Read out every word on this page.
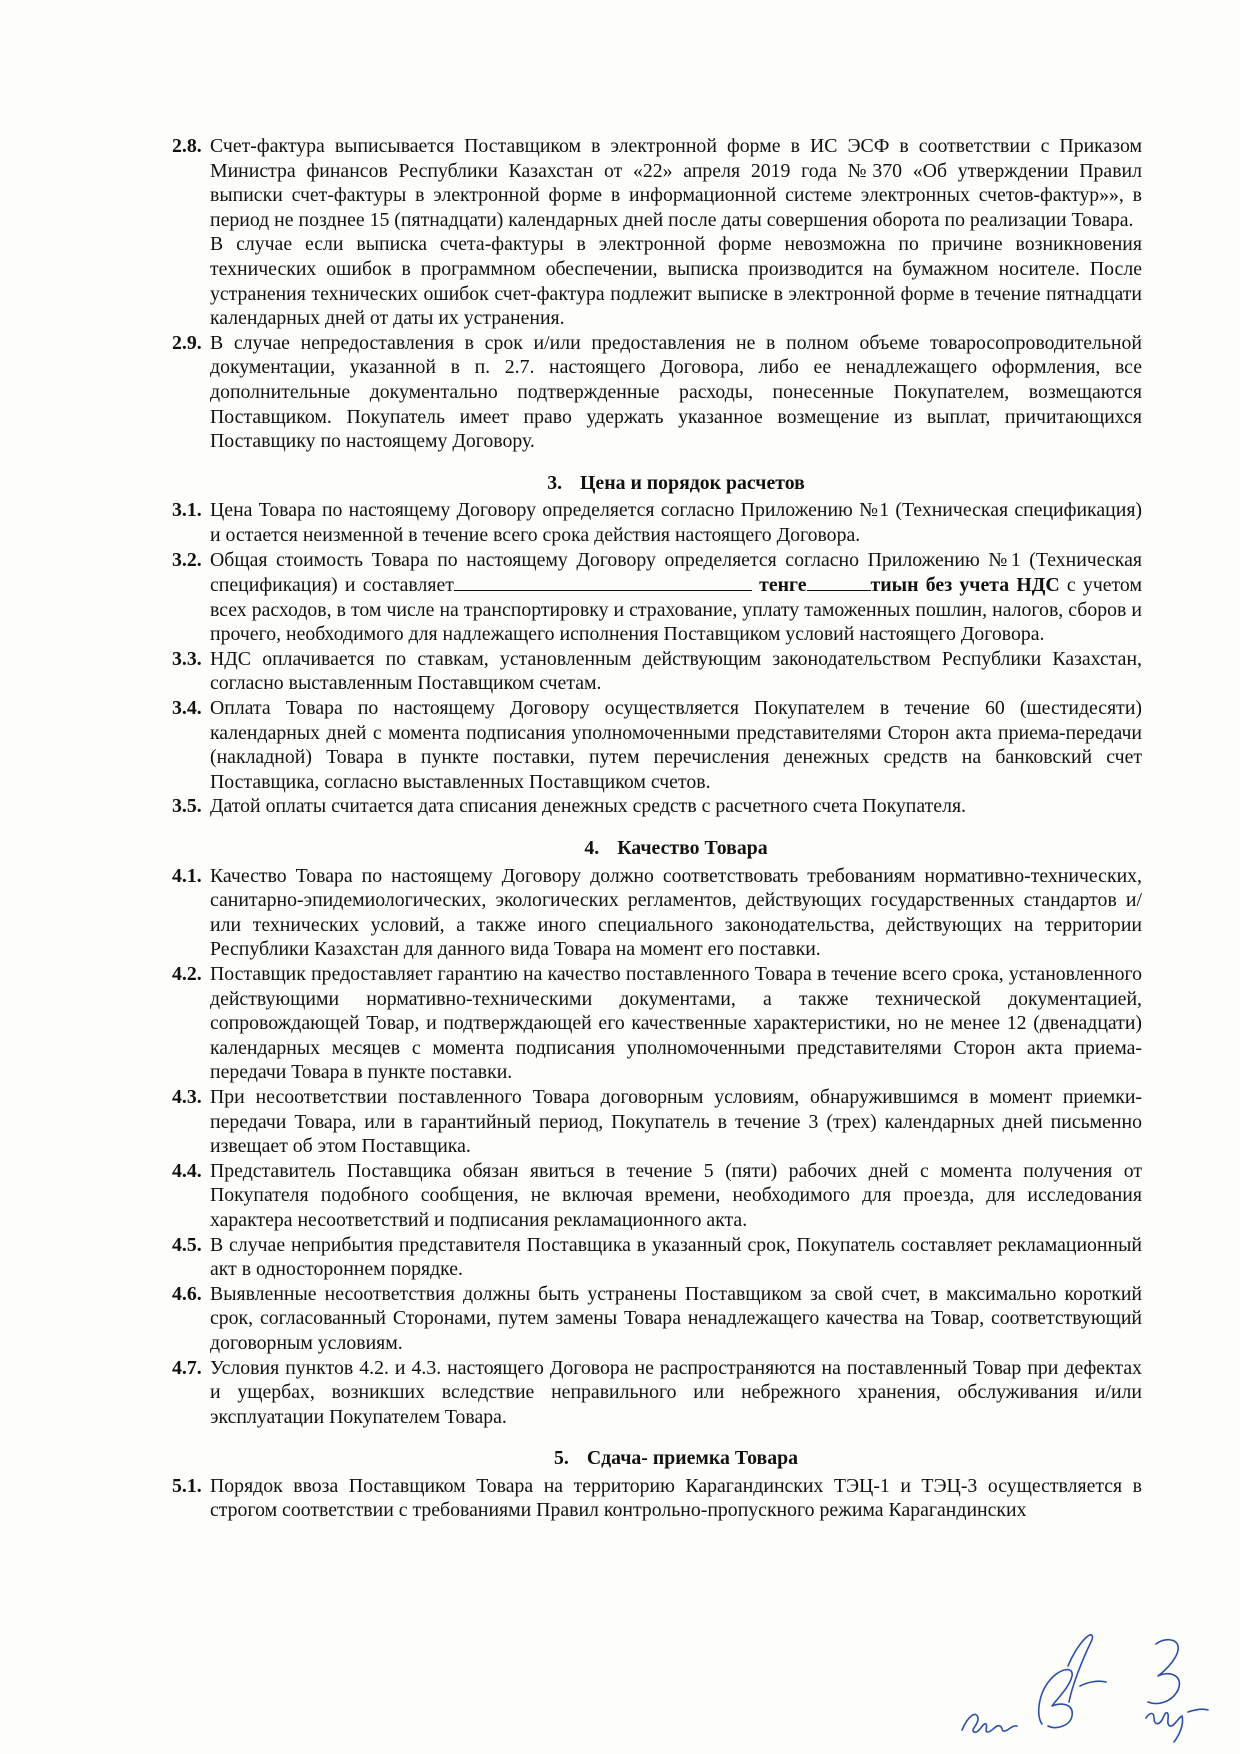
2.8. Счет-фактура выписывается Поставщиком в электронной форме в ИС ЭСФ в соответствии с Приказом Министра финансов Республики Казахстан от «22» апреля 2019 года №370 «Об утверждении Правил выписки счет-фактуры в электронной форме в информационной системе электронных счетов-фактур»», в период не позднее 15 (пятнадцати) календарных дней после даты совершения оборота по реализации Товара.

В случае если выписка счета-фактуры в электронной форме невозможна по причине возникновения технических ошибок в программном обеспечении, выписка производится на бумажном носителе. После устранения технических ошибок счет-фактура подлежит выписке в электронной форме в течение пятнадцати календарных дней от даты их устранения.

2.9. В случае непредоставления в срок и/или предоставления не в полном объеме товаросопроводительной документации, указанной в п. 2.7. настоящего Договора, либо ее ненадлежащего оформления, все дополнительные документально подтвержденные расходы, понесенные Покупателем, возмещаются Поставщиком. Покупатель имеет право удержать указанное возмещение из выплат, причитающихся Поставщику по настоящему Договору.

3. Цена и порядок расчетов
3.1. Цена Товара по настоящему Договору определяется согласно Приложению №1 (Техническая спецификация) и остается неизменной в течение всего срока действия настоящего Договора.

3.2. Общая стоимость Товара по настоящему Договору определяется согласно Приложению №1 (Техническая спецификация) и составляет	тенге	тиын без учета НДС с учетом всех расходов, в том числе на транспортировку и страхование, уплату таможенных пошлин, налогов, сборов и прочего, необходимого для надлежащего исполнения Поставщиком условий настоящего Договора.

3.3. НДС оплачивается по ставкам, установленным действующим законодательством Республики Казахстан, согласно выставленным Поставщиком счетам.

3.4. Оплата Товара по настоящему Договору осуществляется Покупателем в течение 60 (шестидесяти) календарных дней с момента подписания уполномоченными представителями Сторон акта приема-передачи (накладной) Товара в пункте поставки, путем перечисления денежных средств на банковский счет Поставщика, согласно выставленных Поставщиком счетов.

3.5. Датой оплаты считается дата списания денежных средств с расчетного счета Покупателя.

4. Качество Товара
4.1. Качество Товара по настоящему Договору должно соответствовать требованиям нормативно-технических, санитарно-эпидемиологических, экологических регламентов, действующих государственных стандартов и/или технических условий, а также иного специального законодательства, действующих на территории Республики Казахстан для данного вида Товара на момент его поставки.

4.2. Поставщик предоставляет гарантию на качество поставленного Товара в течение всего срока, установленного действующими нормативно-техническими документами, а также технической документацией, сопровождающей Товар, и подтверждающей его качественные характеристики, но не менее 12 (двенадцати) календарных месяцев с момента подписания уполномоченными представителями Сторон акта приема-передачи Товара в пункте поставки.

4.3. При несоответствии поставленного Товара договорным условиям, обнаружившимся в момент приемки-передачи Товара, или в гарантийный период, Покупатель в течение 3 (трех) календарных дней письменно извещает об этом Поставщика.

4.4. Представитель Поставщика обязан явиться в течение 5 (пяти) рабочих дней с момента получения от Покупателя подобного сообщения, не включая времени, необходимого для проезда, для исследования характера несоответствий и подписания рекламационного акта.

4.5. В случае неприбытия представителя Поставщика в указанный срок, Покупатель составляет рекламационный акт в одностороннем порядке.

4.6. Выявленные несоответствия должны быть устранены Поставщиком за свой счет, в максимально короткий срок, согласованный Сторонами, путем замены Товара ненадлежащего качества на Товар, соответствующий договорным условиям.

4.7. Условия пунктов 4.2. и 4.3. настоящего Договора не распространяются на поставленный Товар при дефектах и ущербах, возникших вследствие неправильного или небрежного хранения, обслуживания и/или эксплуатации Покупателем Товара.

5. Сдача- приемка Товара
5.1. Порядок ввоза Поставщиком Товара на территорию Карагандинских ТЭЦ-1 и ТЭЦ-3 осуществляется в строгом соответствии с требованиями Правил контрольно-пропускного режима Карагандинских
